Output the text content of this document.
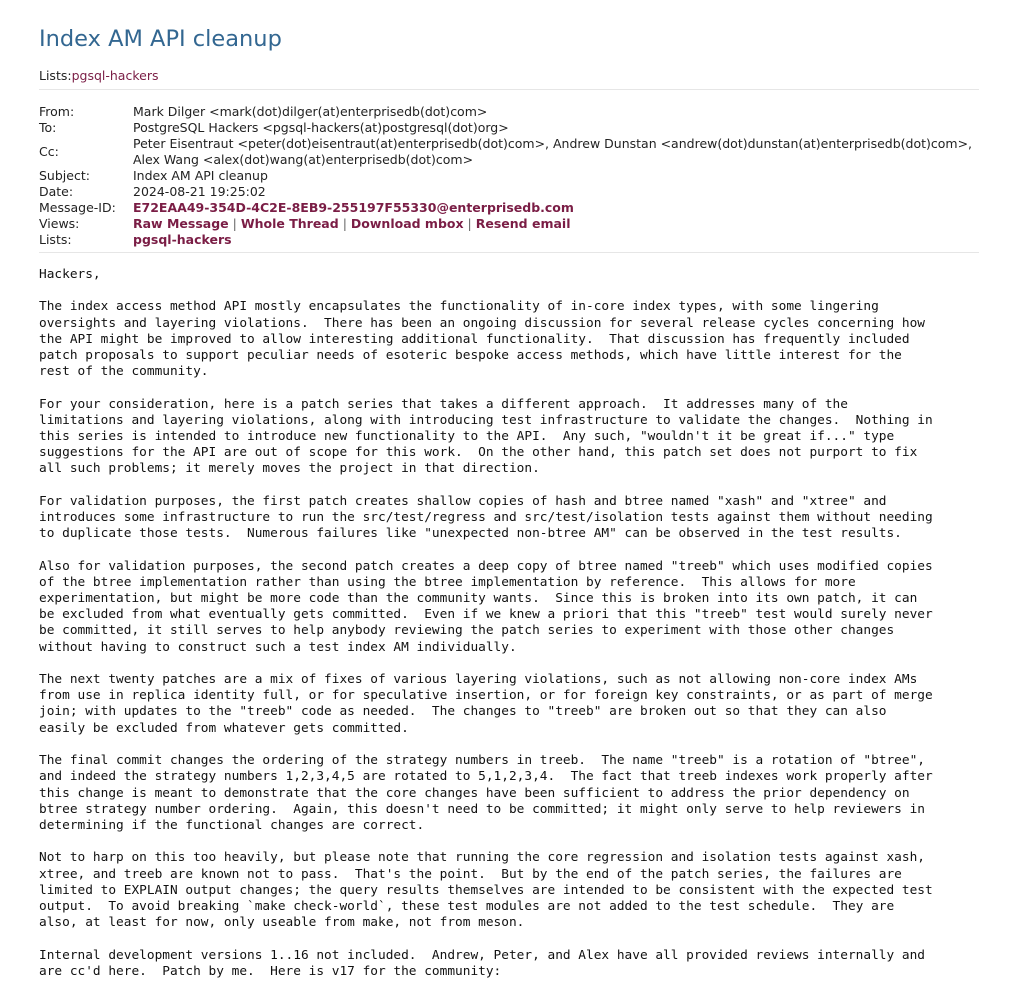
Index AM API cleanup
Lists:pgsql-hackers
From:	Mark Dilger <mark(dot)dilger(at)enterprisedb(dot)com>
To:	PostgreSQL Hackers <pgsql-hackers(at)postgresql(dot)org>
Cc:	Peter Eisentraut <peter(dot)eisentraut(at)enterprisedb(dot)com>, Andrew Dunstan <andrew(dot)dunstan(at)enterprisedb(dot)com>,
Alex Wang <alex(dot)wang(at)enterprisedb(dot)com>

Subject:	Index AM API cleanup
Date:	2024-08-21 19:25:02
Message-ID:	E72EAA49-354D-4C2E-8EB9-255197F55330@enterprisedb.com
Views:	Raw Message | Whole Thread | Download mbox | Resend email
Lists:	pgsql-hackers
Hackers,

The index access method API mostly encapsulates the functionality of in-core index types, with some lingering
oversights and layering violations.  There has been an ongoing discussion for several release cycles concerning how
the API might be improved to allow interesting additional functionality.  That discussion has frequently included
patch proposals to support peculiar needs of esoteric bespoke access methods, which have little interest for the
rest of the community.

For your consideration, here is a patch series that takes a different approach.  It addresses many of the
limitations and layering violations, along with introducing test infrastructure to validate the changes.  Nothing in
this series is intended to introduce new functionality to the API.  Any such, "wouldn't it be great if..." type
suggestions for the API are out of scope for this work.  On the other hand, this patch set does not purport to fix
all such problems; it merely moves the project in that direction.

For validation purposes, the first patch creates shallow copies of hash and btree named "xash" and "xtree" and
introduces some infrastructure to run the src/test/regress and src/test/isolation tests against them without needing
to duplicate those tests.  Numerous failures like "unexpected non-btree AM" can be observed in the test results.

Also for validation purposes, the second patch creates a deep copy of btree named "treeb" which uses modified copies
of the btree implementation rather than using the btree implementation by reference.  This allows for more
experimentation, but might be more code than the community wants.  Since this is broken into its own patch, it can
be excluded from what eventually gets committed.  Even if we knew a priori that this "treeb" test would surely never
be committed, it still serves to help anybody reviewing the patch series to experiment with those other changes
without having to construct such a test index AM individually.

The next twenty patches are a mix of fixes of various layering violations, such as not allowing non-core index AMs
from use in replica identity full, or for speculative insertion, or for foreign key constraints, or as part of merge
join; with updates to the "treeb" code as needed.  The changes to "treeb" are broken out so that they can also
easily be excluded from whatever gets committed.

The final commit changes the ordering of the strategy numbers in treeb.  The name "treeb" is a rotation of "btree",
and indeed the strategy numbers 1,2,3,4,5 are rotated to 5,1,2,3,4.  The fact that treeb indexes work properly after
this change is meant to demonstrate that the core changes have been sufficient to address the prior dependency on
btree strategy number ordering.  Again, this doesn't need to be committed; it might only serve to help reviewers in
determining if the functional changes are correct.

Not to harp on this too heavily, but please note that running the core regression and isolation tests against xash,
xtree, and treeb are known not to pass.  That's the point.  But by the end of the patch series, the failures are
limited to EXPLAIN output changes; the query results themselves are intended to be consistent with the expected test
output.  To avoid breaking `make check-world`, these test modules are not added to the test schedule.  They are
also, at least for now, only useable from make, not from meson.

Internal development versions 1..16 not included.  Andrew, Peter, and Alex have all provided reviews internally and
are cc'd here.  Patch by me.  Here is v17 for the community:
